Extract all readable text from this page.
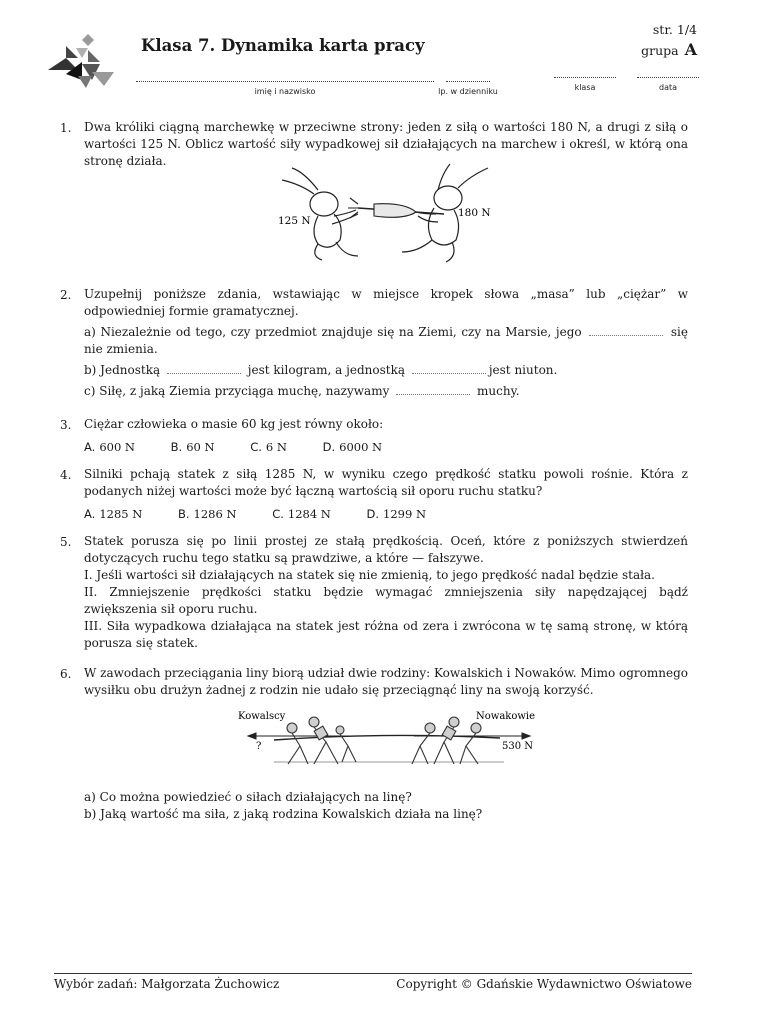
Klasa 7. Dynamika karta pracy
str. 1/4
grupa A
imię i nazwisko	lp. w dzienniku	klasa	data
1. Dwa króliki ciągną marchewkę w przeciwne strony: jeden z siłą o wartości 180 N, a drugi z siłą o wartości 125 N. Oblicz wartość siły wypadkowej sił działających na marchew i określ, w którą ona stronę działa.
125 N
180 N
2. Uzupełnij poniższe zdania, wstawiając w miejsce kropek słowa „masa” lub „ciężar” w odpowiedniej formie gramatycznej.
a) Niezależnie od tego, czy przedmiot znajduje się na Ziemi, czy na Marsie, jego	się nie zmienia.
b) Jednostką	jest kilogram, a jednostką	jest niuton.
c) Siłę, z jaką Ziemia przyciąga muchę, nazywamy	muchy.
3. Ciężar człowieka o masie 60 kg jest równy około:
A. 600 N	B. 60 N	C. 6 N	D. 6000 N
4. Silniki pchają statek z siłą 1285 N, w wyniku czego prędkość statku powoli rośnie. Która z podanych niżej wartości może być łączną wartością sił oporu ruchu statku?
A. 1285 N	B. 1286 N	C. 1284 N	D. 1299 N
5. Statek porusza się po linii prostej ze stałą prędkością. Oceń, które z poniższych stwierdzeń dotyczących ruchu tego statku są prawdziwe, a które — fałszywe.
I. Jeśli wartości sił działających na statek się nie zmienią, to jego prędkość nadal będzie stała.
II. Zmniejszenie prędkości statku będzie wymagać zmniejszenia siły napędzającej bądź zwiększenia sił oporu ruchu.
III. Siła wypadkowa działająca na statek jest różna od zera i zwrócona w tę samą stronę, w którą porusza się statek.
6. W zawodach przeciągania liny biorą udział dwie rodziny: Kowalskich i Nowaków. Mimo ogromnego wysiłku obu drużyn żadnej z rodzin nie udało się przeciągnąć liny na swoją korzyść.
Kowalscy	Nowakowie
?	530 N
a) Co można powiedzieć o siłach działających na linę?
b) Jaką wartość ma siła, z jaką rodzina Kowalskich działa na linę?
Wybór zadań: Małgorzata Żuchowicz	Copyright © Gdańskie Wydawnictwo Oświatowe
